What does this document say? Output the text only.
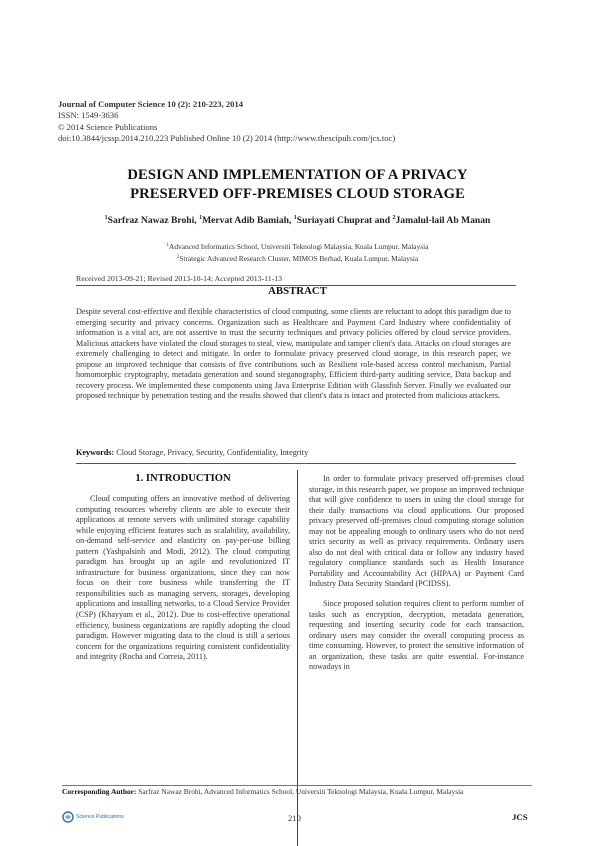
Journal of Computer Science 10 (2): 210-223, 2014
ISSN: 1549-3636
© 2014 Science Publications
doi:10.3844/jcssp.2014.210.223 Published Online 10 (2) 2014 (http://www.thescipub.com/jcs.toc)
DESIGN AND IMPLEMENTATION OF A PRIVACY
PRESERVED OFF-PREMISES CLOUD STORAGE
$^1$Sarfraz Nawaz Brohi, $^1$Mervat Adib Bamiah, $^1$Suriayati Chuprat and $^2$Jamalul-lail Ab Manan
$^1$Advanced Informatics School, Universiti Teknologi Malaysia, Kuala Lumpur, Malaysia
$^2$Strategic Advanced Research Cluster, MIMOS Berhad, Kuala Lumpur, Malaysia
Received 2013-09-21; Revised 2013-10-14; Accepted 2013-11-13
ABSTRACT
Despite several cost-effective and flexible characteristics of cloud computing, some clients are reluctant to adopt this paradigm due to emerging security and privacy concerns. Organization such as Healthcare and Payment Card Industry where confidentiality of information is a vital act, are not assertive to trust the security techniques and privacy policies offered by cloud service providers. Malicious attackers have violated the cloud storages to steal, view, manipulate and tamper client's data. Attacks on cloud storages are extremely challenging to detect and mitigate. In order to formulate privacy preserved cloud storage, in this research paper, we propose an improved technique that consists of five contributions such as Resilient role-based access control mechanism, Partial homomorphic cryptography, metadata generation and sound steganography, Efficient third-party auditing service, Data backup and recovery process. We implemented these components using Java Enterprise Edition with Glassfish Server. Finally we evaluated our proposed technique by penetration testing and the results showed that client's data is intact and protected from malicious attackers.
Keywords: Cloud Storage, Privacy, Security, Confidentiality, Integrity
1. INTRODUCTION

Cloud computing offers an innovative method of delivering computing resources whereby clients are able to execute their applications at remote servers with unlimited storage capability while enjoying efficient features such as scalability, availability, on-demand self-service and elasticity on pay-per-use billing pattern (Yashpalsinh and Modi, 2012). The cloud computing paradigm has brought up an agile and revolutionized IT infrastructure for business organizations, since they can now focus on their core business while transferring the IT responsibilities such as managing servers, storages, developing applications and installing networks, to a Cloud Service Provider (CSP) (Khayyam et al., 2012). Due to cost-effective operational efficiency, business organizations are rapidly adopting the cloud paradigm. However migrating data to the cloud is still a serious concern for the organizations requiring consistent confidentiality and integrity (Rocha and Correia, 2011).

In order to formulate privacy preserved off-premises cloud storage, in this research paper, we propose an improved technique that will give confidence to users in using the cloud storage for their daily transactions via cloud applications. Our proposed privacy preserved off-premises cloud computing storage solution may not be appealing enough to ordinary users who do not need strict security as well as privacy requirements. Ordinary users also do not deal with critical data or follow any industry based regulatory compliance standards such as Health Insurance Portability and Accountability Act (HIPAA) or Payment Card Industry Data Security Standard (PCIDSS).

Since proposed solution requires client to perform number of tasks such as encryption, decryption, metadata generation, requesting and inserting security code for each transaction, ordinary users may consider the overall computing process as time consuming. However, to protect the sensitive information of an organization, these tasks are quite essential. For-instance nowadays in

Corresponding Author: Sarfraz Nawaz Brohi, Advanced Informatics School, Universiti Teknologi Malaysia, Kuala Lumpur, Malaysia
Science Publications	210	JCS
